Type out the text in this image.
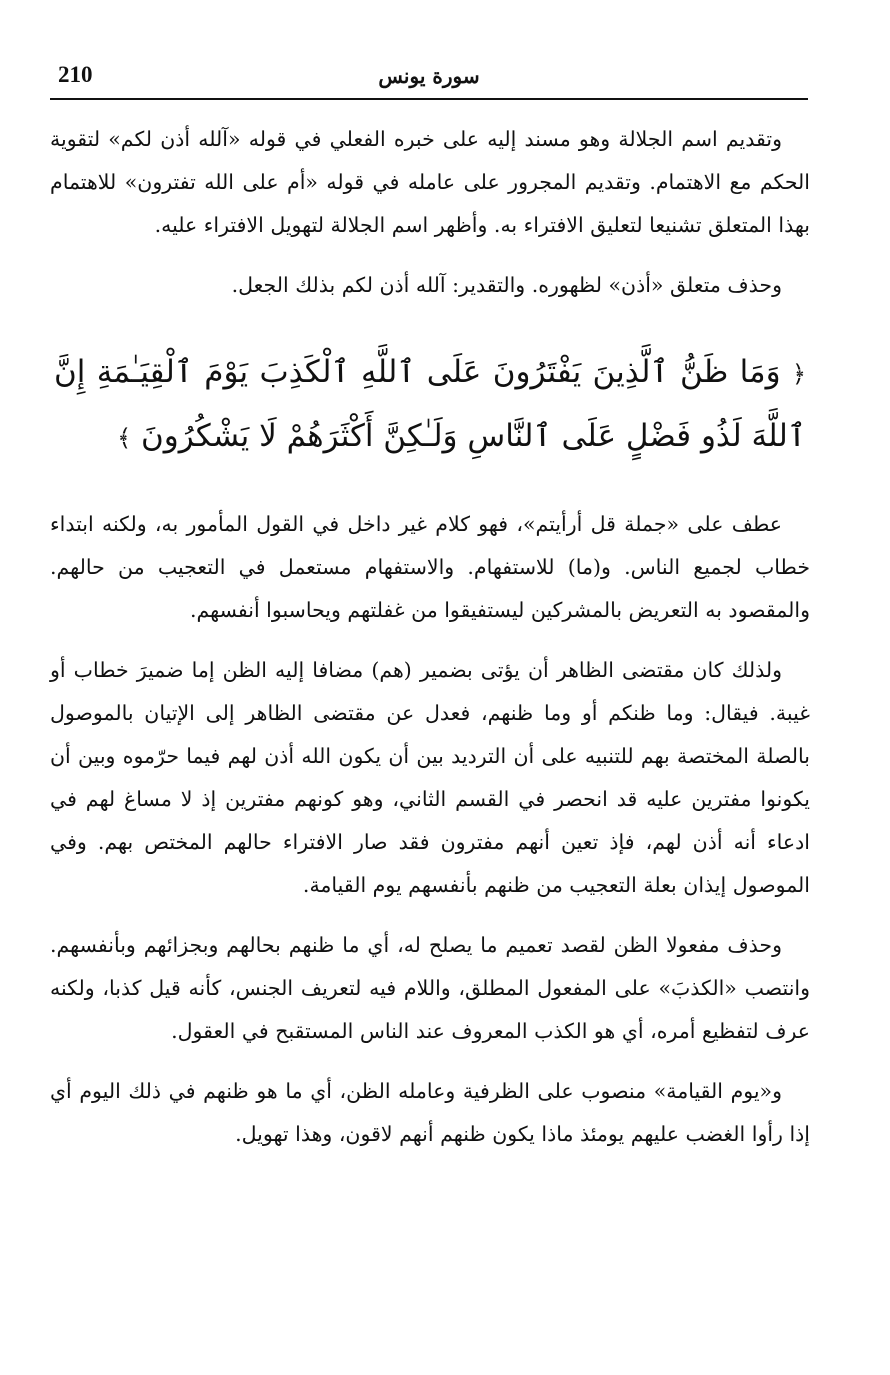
210	سورة يونس

وتقديم اسم الجلالة وهو مسند إليه على خبره الفعلي في قوله «آلله أذن لكم» لتقوية الحكم مع الاهتمام. وتقديم المجرور على عامله في قوله «أم على الله تفترون» للاهتمام بهذا المتعلق تشنيعا لتعليق الافتراء به. وأظهر اسم الجلالة لتهويل الافتراء عليه.

وحذف متعلق «أذن» لظهوره. والتقدير: آلله أذن لكم بذلك الجعل.

﴿ وَمَا ظَنُّ ٱلَّذِينَ يَفْتَرُونَ عَلَى ٱللَّهِ ٱلْكَذِبَ يَوْمَ ٱلْقِيَـٰمَةِ إِنَّ ٱللَّهَ لَذُو فَضْلٍ عَلَى ٱلنَّاسِ وَلَـٰكِنَّ أَكْثَرَهُمْ لَا يَشْكُرُونَ ﴾

عطف على «جملة قل أرأيتم»، فهو كلام غير داخل في القول المأمور به، ولكنه ابتداء خطاب لجميع الناس. و(ما) للاستفهام. والاستفهام مستعمل في التعجيب من حالهم. والمقصود به التعريض بالمشركين ليستفيقوا من غفلتهم ويحاسبوا أنفسهم.

ولذلك كان مقتضى الظاهر أن يؤتى بضمير (هم) مضافا إليه الظن إما ضميرَ خطاب أو غيبة. فيقال: وما ظنكم أو وما ظنهم، فعدل عن مقتضى الظاهر إلى الإتيان بالموصول بالصلة المختصة بهم للتنبيه على أن الترديد بين أن يكون الله أذن لهم فيما حرّموه وبين أن يكونوا مفترين عليه قد انحصر في القسم الثاني، وهو كونهم مفترين إذ لا مساغ لهم في ادعاء أنه أذن لهم، فإذ تعين أنهم مفترون فقد صار الافتراء حالهم المختص بهم. وفي الموصول إيذان بعلة التعجيب من ظنهم بأنفسهم يوم القيامة.

وحذف مفعولا الظن لقصد تعميم ما يصلح له، أي ما ظنهم بحالهم وبجزائهم وبأنفسهم. وانتصب «الكذبَ» على المفعول المطلق، واللام فيه لتعريف الجنس، كأنه قيل كذبا، ولكنه عرف لتفظيع أمره، أي هو الكذب المعروف عند الناس المستقبح في العقول.

و«يوم القيامة» منصوب على الظرفية وعامله الظن، أي ما هو ظنهم في ذلك اليوم أي إذا رأوا الغضب عليهم يومئذ ماذا يكون ظنهم أنهم لاقون، وهذا تهويل.
